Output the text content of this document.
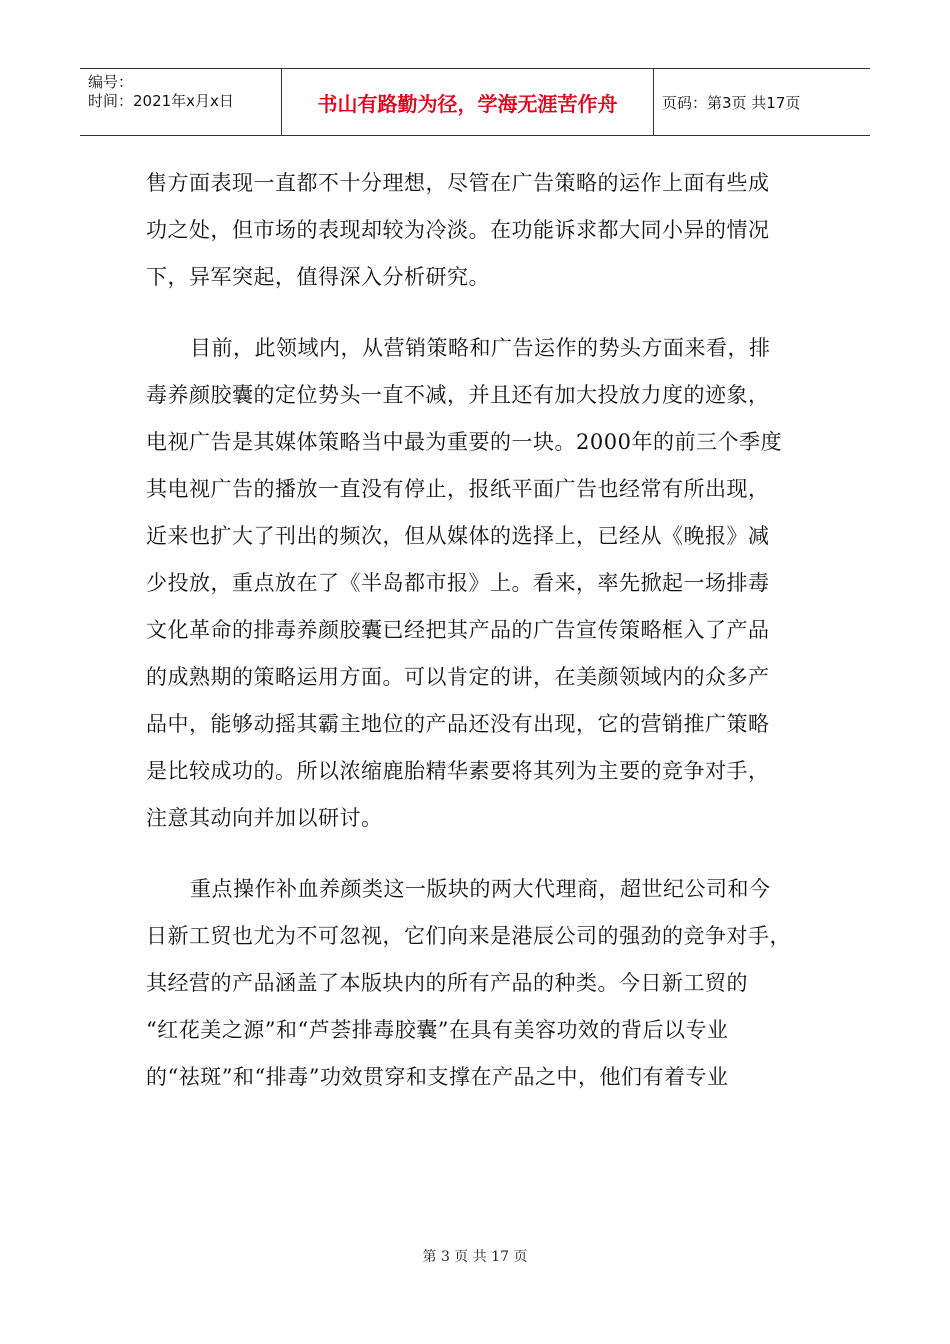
编号：
时间：2021年x月x日	书山有路勤为径，学海无涯苦作舟	页码：第3页 共17页
售方面表现一直都不十分理想，尽管在广告策略的运作上面有些成
功之处，但市场的表现却较为冷淡。在功能诉求都大同小异的情况
下，异军突起，值得深入分析研究。
目前，此领域内，从营销策略和广告运作的势头方面来看，排
毒养颜胶囊的定位势头一直不减，并且还有加大投放力度的迹象，
电视广告是其媒体策略当中最为重要的一块。2000年的前三个季度
其电视广告的播放一直没有停止，报纸平面广告也经常有所出现，
近来也扩大了刊出的频次，但从媒体的选择上，已经从《晚报》减
少投放，重点放在了《半岛都市报》上。看来，率先掀起一场排毒
文化革命的排毒养颜胶囊已经把其产品的广告宣传策略框入了产品
的成熟期的策略运用方面。可以肯定的讲，在美颜领域内的众多产
品中，能够动摇其霸主地位的产品还没有出现，它的营销推广策略
是比较成功的。所以浓缩鹿胎精华素要将其列为主要的竞争对手，
注意其动向并加以研讨。
重点操作补血养颜类这一版块的两大代理商，超世纪公司和今
日新工贸也尤为不可忽视，它们向来是港辰公司的强劲的竞争对手，
其经营的产品涵盖了本版块内的所有产品的种类。今日新工贸的
“红花美之源”和“芦荟排毒胶囊”在具有美容功效的背后以专业
的“祛斑”和“排毒”功效贯穿和支撑在产品之中，他们有着专业
第 3 页 共 17 页
